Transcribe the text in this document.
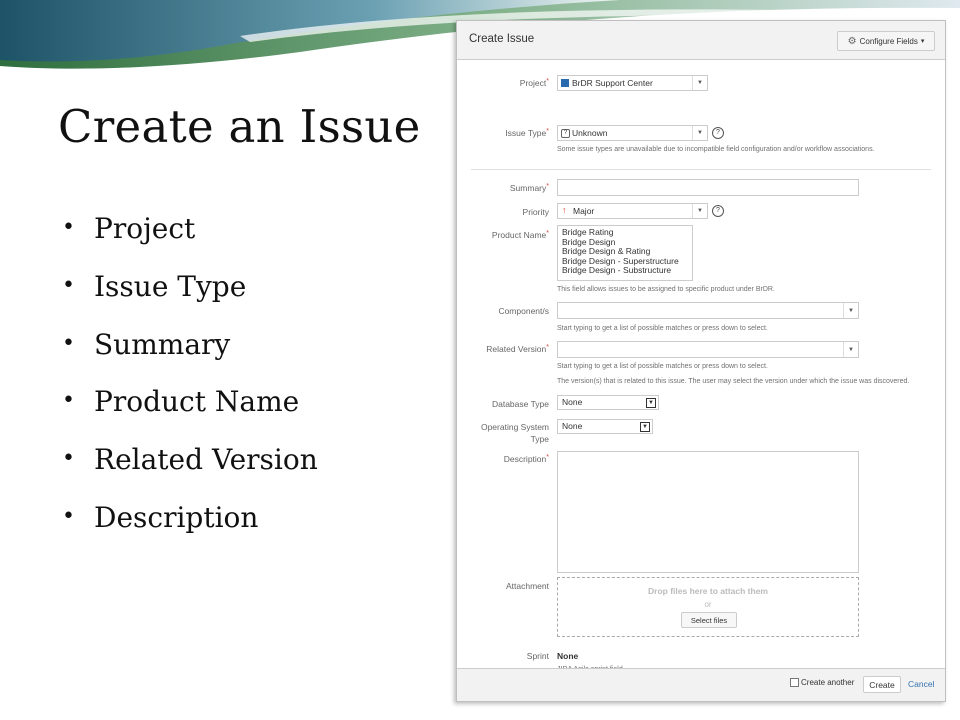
Create an Issue
• Project
• Issue Type
• Summary
• Product Name
• Related Version
• Description
Create Issue	⚙ Configure Fields ▾
Project*	BrDR Support Center	▼
Issue Type*	? Unknown	▼	?
Some issue types are unavailable due to incompatible field configuration and/or workflow associations.
Summary*
Priority ↑ Major	▼	?
Product Name* Bridge Rating
Bridge Design
Bridge Design & Rating
Bridge Design - Superstructure
Bridge Design - Substructure
This field allows issues to be assigned to specific product under BrDR.
Component/s	▼
Start typing to get a list of possible matches or press down to select.
Related Version*	▼
Start typing to get a list of possible matches or press down to select.
The version(s) that is related to this issue. The user may select the version under which the issue was discovered.
Database Type None	▼
Operating System
Type
None	▼
Description*
Attachment	Drop files here to attach them
or
Select files
Sprint None
Create another	Create	Cancel
